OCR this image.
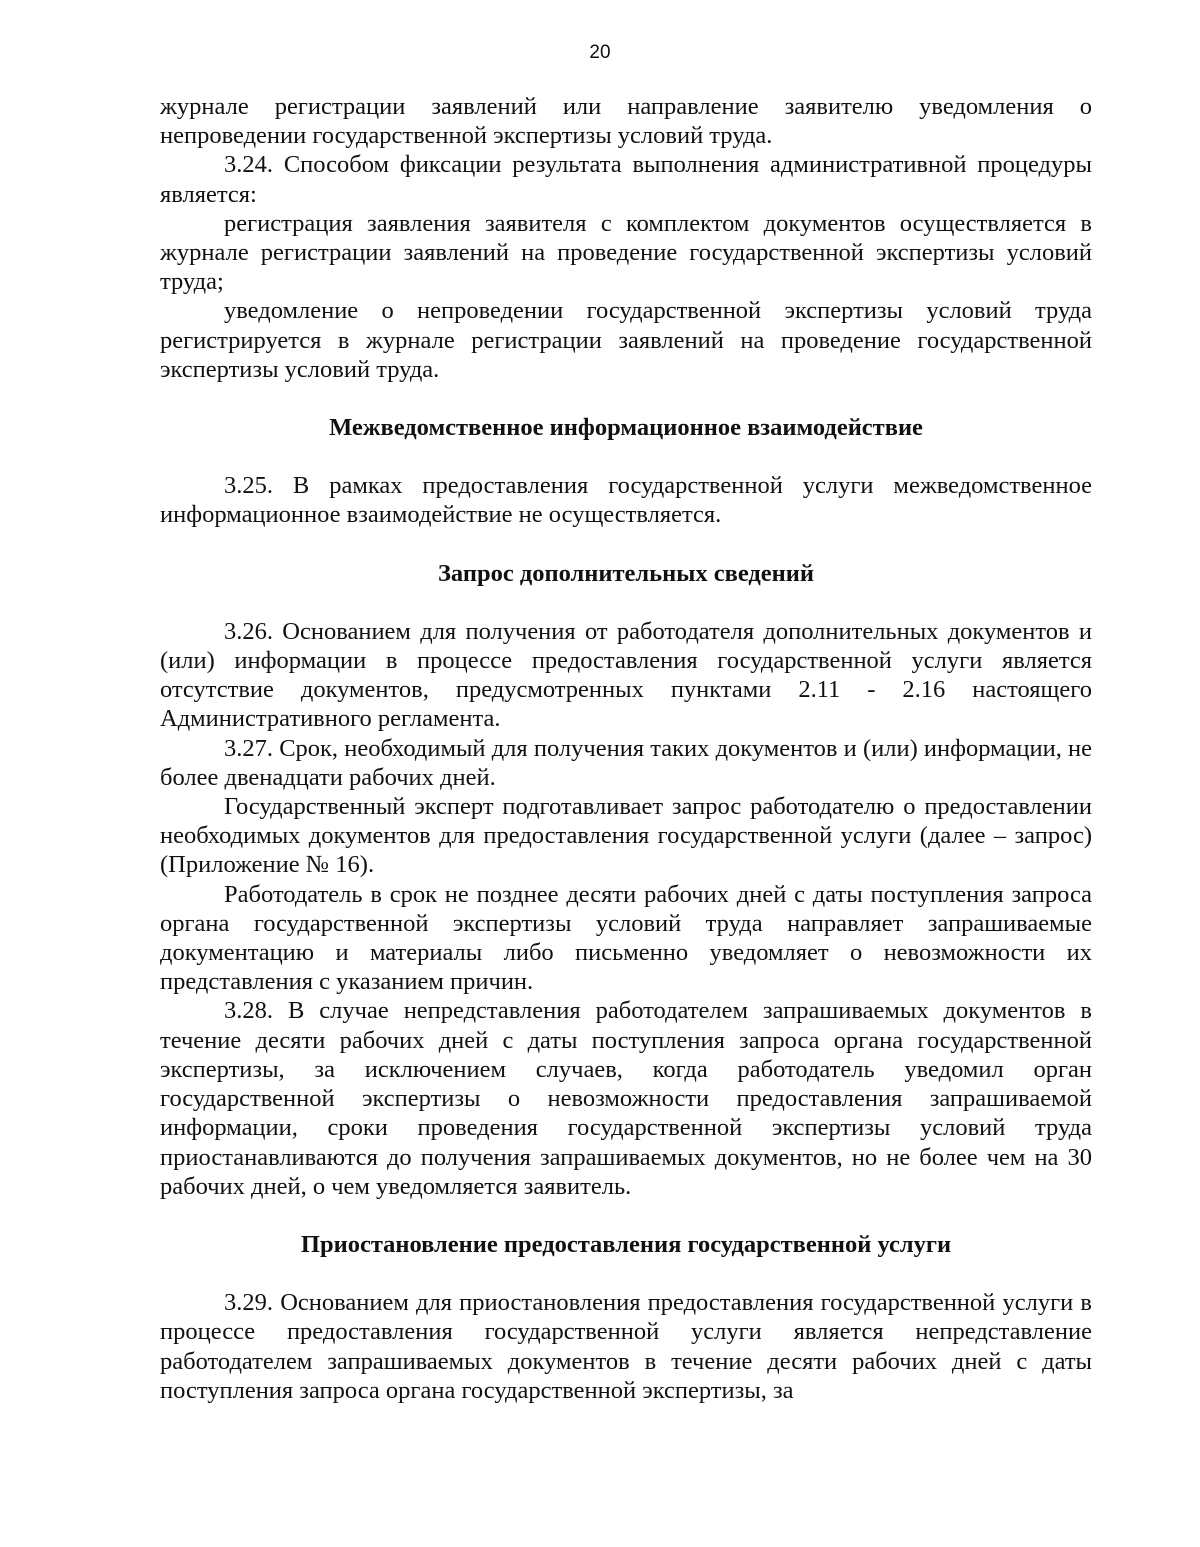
20

журнале регистрации заявлений или направление заявителю уведомления о непроведении государственной экспертизы условий труда.

3.24. Способом фиксации результата выполнения административной процедуры является:

регистрация заявления заявителя с комплектом документов осуществляется в журнале регистрации заявлений на проведение государственной экспертизы условий труда;

уведомление о непроведении государственной экспертизы условий труда регистрируется в журнале регистрации заявлений на проведение государственной экспертизы условий труда.

Межведомственное информационное взаимодействие

3.25. В рамках предоставления государственной услуги межведомственное информационное взаимодействие не осуществляется.

Запрос дополнительных сведений

3.26. Основанием для получения от работодателя дополнительных документов и (или) информации в процессе предоставления государственной услуги является отсутствие документов, предусмотренных пунктами 2.11 - 2.16 настоящего Административного регламента.

3.27. Срок, необходимый для получения таких документов и (или) информации, не более двенадцати рабочих дней.

Государственный эксперт подготавливает запрос работодателю о предоставлении необходимых документов для предоставления государственной услуги (далее – запрос) (Приложение № 16).

Работодатель в срок не позднее десяти рабочих дней с даты поступления запроса органа государственной экспертизы условий труда направляет запрашиваемые документацию и материалы либо письменно уведомляет о невозможности их представления с указанием причин.

3.28. В случае непредставления работодателем запрашиваемых документов в течение десяти рабочих дней с даты поступления запроса органа государственной экспертизы, за исключением случаев, когда работодатель уведомил орган государственной экспертизы о невозможности предоставления запрашиваемой информации, сроки проведения государственной экспертизы условий труда приостанавливаются до получения запрашиваемых документов, но не более чем на 30 рабочих дней, о чем уведомляется заявитель.

Приостановление предоставления государственной услуги

3.29. Основанием для приостановления предоставления государственной услуги в процессе предоставления государственной услуги является непредставление работодателем запрашиваемых документов в течение десяти рабочих дней с даты поступления запроса органа государственной экспертизы, за
